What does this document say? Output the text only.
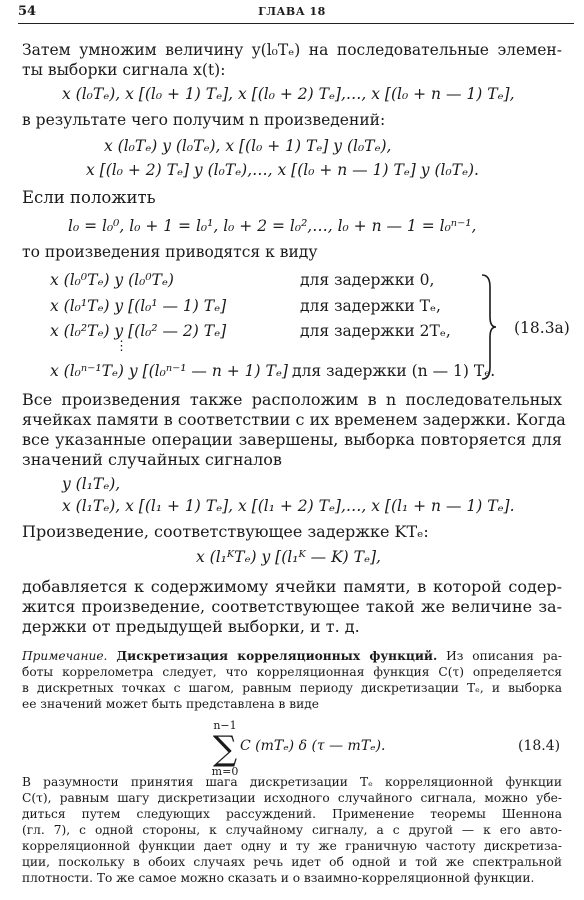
54	ГЛАВА 18
Затем умножим величину y(l₀Tₑ) на последовательные элемен-
ты выборки сигнала x(t):
x (l₀Tₑ), x [(l₀ + 1) Tₑ], x [(l₀ + 2) Tₑ],…, x [(l₀ + n — 1) Tₑ],
в результате чего получим n произведений:
x (l₀Tₑ) y (l₀Tₑ), x [(l₀ + 1) Tₑ] y (l₀Tₑ),
x [(l₀ + 2) Tₑ] y (l₀Tₑ),…, x [(l₀ + n — 1) Tₑ] y (l₀Tₑ).
Если положить
l₀ = l₀⁰, l₀ + 1 = l₀¹, l₀ + 2 = l₀²,…, l₀ + n — 1 = l₀ⁿ⁻¹,
то произведения приводятся к виду
x (l₀⁰Tₑ) y (l₀⁰Tₑ)	для задержки 0,
x (l₀¹Tₑ) y [(l₀¹ — 1) Tₑ]	для задержки Tₑ,
x (l₀²Tₑ) y [(l₀² — 2) Tₑ]	для задержки 2Tₑ,
⋮
x (l₀ⁿ⁻¹Tₑ) y [(l₀ⁿ⁻¹ — n + 1) Tₑ] для задержки (n — 1) Tₑ.
(18.3а)
Все произведения также расположим в n последовательных
ячейках памяти в соответствии с их временем задержки. Когда
все указанные операции завершены, выборка повторяется для
значений случайных сигналов
y (l₁Tₑ),
x (l₁Tₑ), x [(l₁ + 1) Tₑ], x [(l₁ + 2) Tₑ],…, x [(l₁ + n — 1) Tₑ].
Произведение, соответствующее задержке KTₑ:
x (l₁ᴷTₑ) y [(l₁ᴷ — K) Tₑ],
добавляется к содержимому ячейки памяти, в которой содер-
жится произведение, соответствующее такой же величине за-
держки от предыдущей выборки, и т. д.
Примечание. Дискретизация корреляционных функций. Из описания ра-
боты коррелометра следует, что корреляционная функция C(τ) определяется
в дискретных точках с шагом, равным периоду дискретизации Tₑ, и выборка
ее значений может быть представлена в виде
n−1
∑
m=0
C (mTₑ) δ (τ — mTₑ).	(18.4)
В разумности принятия шага дискретизации Tₑ корреляционной функции
C(τ), равным шагу дискретизации исходного случайного сигнала, можно убе-
диться путем следующих рассуждений. Применение теоремы Шеннона
(гл. 7), с одной стороны, к случайному сигналу, а с другой — к его авто-
корреляционной функции дает одну и ту же граничную частоту дискретиза-
ции, поскольку в обоих случаях речь идет об одной и той же спектральной
плотности. То же самое можно сказать и о взаимно-корреляционной функции.
